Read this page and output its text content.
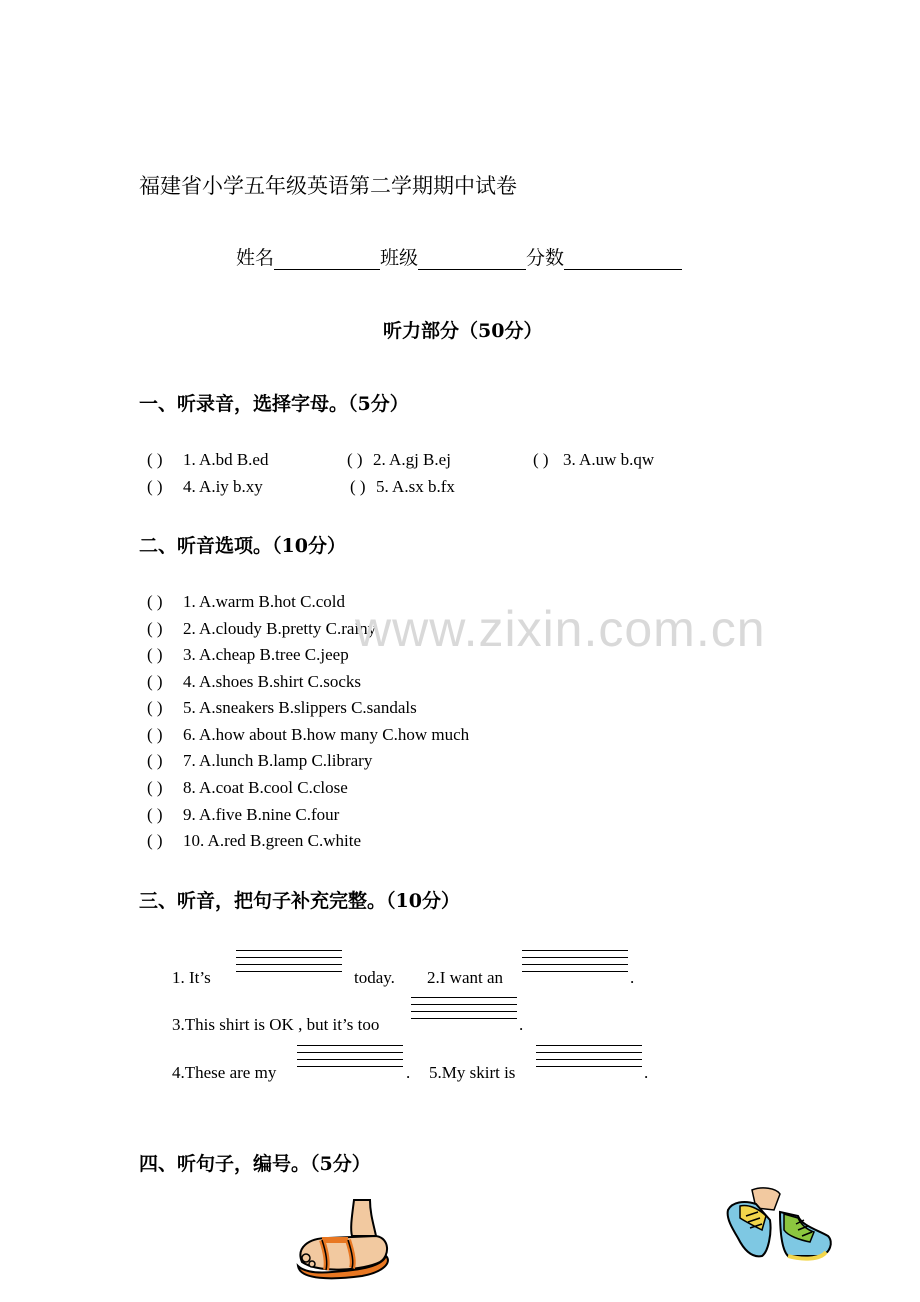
福建省小学五年级英语第二学期期中试卷
姓名	班级	分数
听力部分（50分）
一、听录音，选择字母。（5分）
( ) 1. A.bd B.ed	( ) 2. A.gj B.ej	( ) 3. A.uw b.qw
( ) 4. A.iy b.xy	( ) 5. A.sx b.fx
二、听音选项。（10分）
( ) 1. A.warm B.hot C.cold
( ) 2. A.cloudy B.pretty C.rainy
( ) 3. A.cheap B.tree C.jeep
( ) 4. A.shoes B.shirt C.socks
( ) 5. A.sneakers B.slippers C.sandals
( ) 6. A.how about B.how many C.how much
( ) 7. A.lunch B.lamp C.library
( ) 8. A.coat B.cool C.close
( ) 9. A.five B.nine C.four
( ) 10. A.red B.green C.white
www.zixin.com.cn
三、听音，把句子补充完整。（10分）
1. It’s	today. 2.I want an	.
3.This shirt is OK , but it’s too	.
4.These are my	. 5.My skirt is	.
四、听句子，编号。（5分）
